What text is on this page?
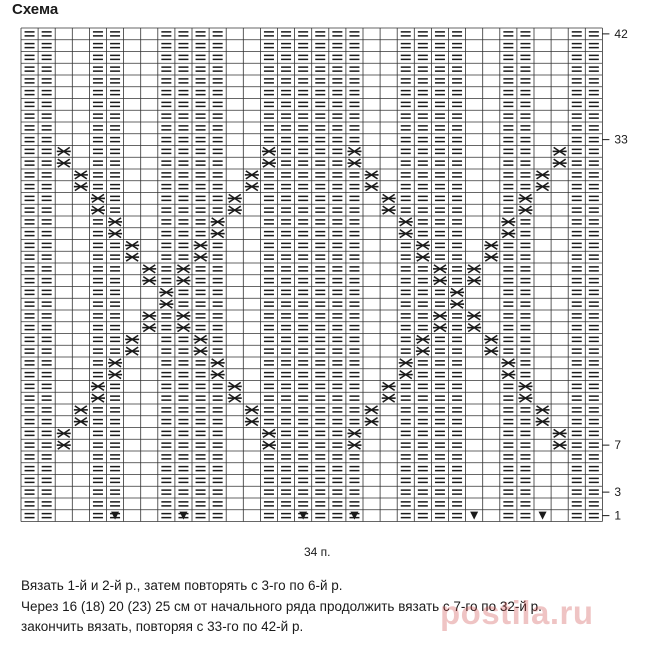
Схема
42
33
7
3
1
34 п.
Вязать 1-й и 2-й р., затем повторять с 3-го по 6-й р.
Через 16 (18) 20 (23) 25 см от начального ряда продолжить вязать с 7-го по 32-й р.
закончить вязать, повторяя с 33-го по 42-й р.	postila.ru
